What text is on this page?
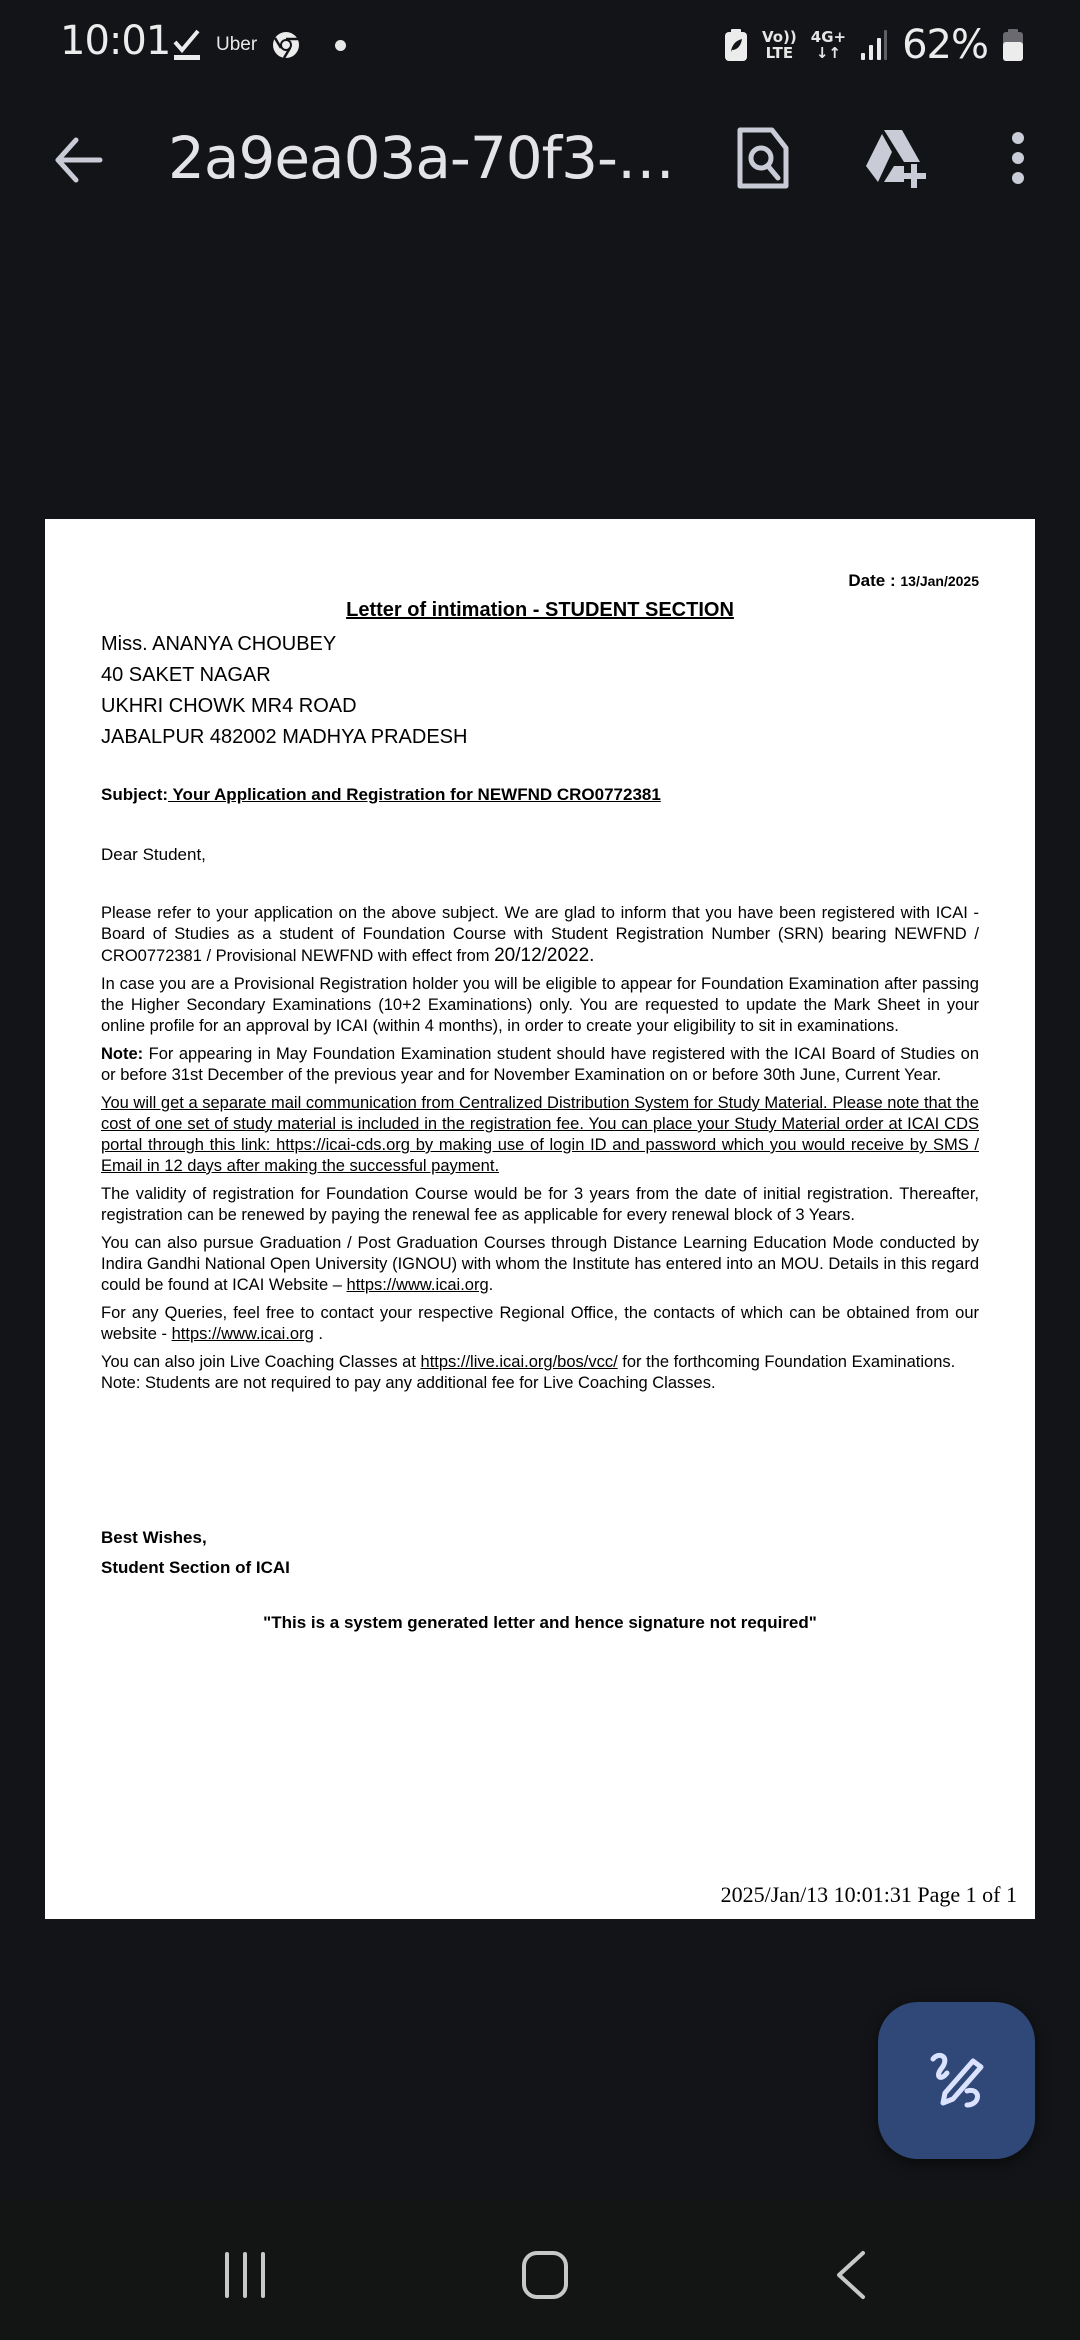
10:01 Uber	Vo))
LTE
4G+
↓↑ 62%
2a9ea03a-70f3-…
Date : 13/Jan/2025
Letter of intimation - STUDENT SECTION
Miss. ANANYA CHOUBEY
40 SAKET NAGAR
UKHRI CHOWK MR4 ROAD
JABALPUR 482002 MADHYA PRADESH
Subject: Your Application and Registration for NEWFND CRO0772381
Dear Student,

Please refer to your application on the above subject. We are glad to inform that you have been registered with ICAI - Board of Studies as a student of Foundation Course with Student Registration Number (SRN) bearing NEWFND / CRO0772381 / Provisional NEWFND with effect from 20/12/2022.

In case you are a Provisional Registration holder you will be eligible to appear for Foundation Examination after passing the Higher Secondary Examinations (10+2 Examinations) only. You are requested to update the Mark Sheet in your online profile for an approval by ICAI (within 4 months), in order to create your eligibility to sit in examinations.

Note: For appearing in May Foundation Examination student should have registered with the ICAI Board of Studies on or before 31st December of the previous year and for November Examination on or before 30th June, Current Year.

You will get a separate mail communication from Centralized Distribution System for Study Material. Please note that the cost of one set of study material is included in the registration fee. You can place your Study Material order at ICAI CDS portal through this link: https://icai-cds.org by making use of login ID and password which you would receive by SMS / Email in 12 days after making the successful payment.

The validity of registration for Foundation Course would be for 3 years from the date of initial registration. Thereafter, registration can be renewed by paying the renewal fee as applicable for every renewal block of 3 Years.

You can also pursue Graduation / Post Graduation Courses through Distance Learning Education Mode conducted by Indira Gandhi National Open University (IGNOU) with whom the Institute has entered into an MOU. Details in this regard could be found at ICAI Website – https://www.icai.org.

For any Queries, feel free to contact your respective Regional Office, the contacts of which can be obtained from our website - https://www.icai.org .

You can also join Live Coaching Classes at https://live.icai.org/bos/vcc/ for the forthcoming Foundation Examinations.

Note: Students are not required to pay any additional fee for Live Coaching Classes.

Best Wishes,
Student Section of ICAI
"This is a system generated letter and hence signature not required"
2025/Jan/13 10:01:31 Page 1 of 1
